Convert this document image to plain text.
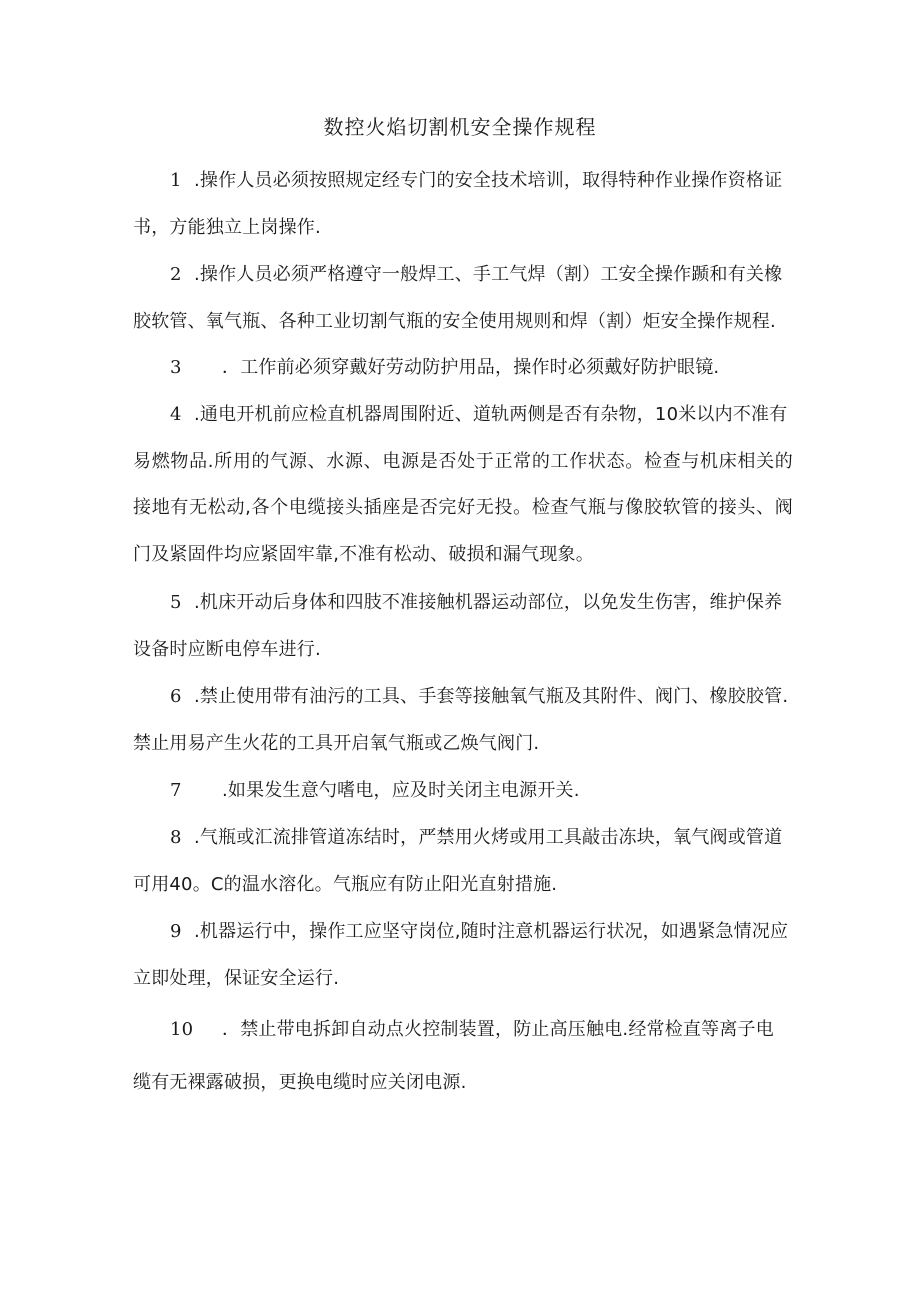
数控火焰切割机安全操作规程
1 .操作人员必须按照规定经专门的安全技术培训，取得特种作业操作资格证
书，方能独立上岗操作.
2 .操作人员必须严格遵守一般焊工、手工气焊（割）工安全操作踬和有关橡
胶软管、氧气瓶、各种工业切割气瓶的安全使用规则和焊（割）炬安全操作规程.
3 ．工作前必须穿戴好劳动防护用品，操作时必须戴好防护眼镜.
4 .通电开机前应检直机器周围附近、道轨两侧是否有杂物，10米以内不准有
易燃物品.所用的气源、水源、电源是否处于正常的工作状态。检查与机床相关的接地有无松动,各个电缆接头插座是否完好无投。检查气瓶与像胶软管的接头、阀门及紧固件均应紧固牢靠,不准有松动、破损和漏气现象。
5 .机床开动后身体和四肢不准接触机器运动部位，以免发生伤害，维护保养
设备时应断电停车进行.
6 .禁止使用带有油污的工具、手套等接触氧气瓶及其附件、阀门、橡胶胶管.
禁止用易产生火花的工具开启氧气瓶或乙焕气阀门.
7 .如果发生意勺嗜电，应及时关闭主电源开关.
8 .气瓶或汇流排管道冻结时，严禁用火烤或用工具敲击冻块，氧气阀或管道
可用40。C的温水溶化。气瓶应有防止阳光直射措施.
9 .机器运行中，操作工应坚守岗位,随时注意机器运行状况，如遇紧急情况应
立即处理，保证安全运行.
10 ．禁止带电拆卸自动点火控制装置，防止高压触电.经常检直等离子电
缆有无裸露破损，更换电缆时应关闭电源.
